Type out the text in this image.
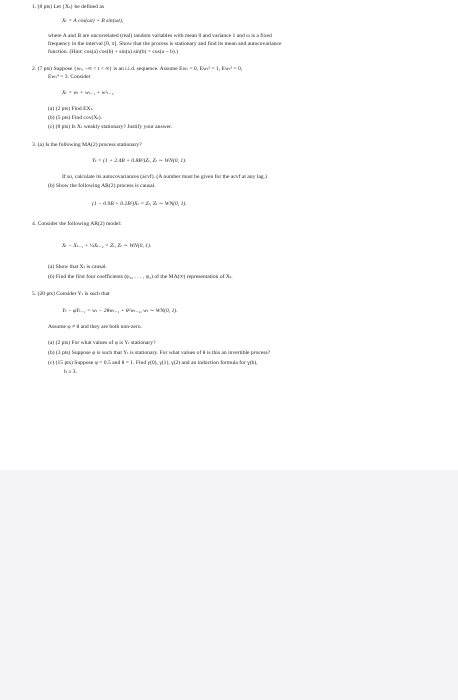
1. (8 pts) Let {Xₜ} be defined as
Xₜ = A cos(ωt) + B sin(ωt),
where A and B are uncorrelated (real) random variables with mean 0 and variance 1 and ω is a fixed
frequency in the interval [0, π]. Show that the process is stationary and find its mean and autocovariance
function. (Hint: cos(a) cos(b) + sin(a) sin(b) = cos(a − b).)
2. (7 pts) Suppose {wₜ, −∞ < t < ∞} is an i.i.d. sequence. Assume Ewₜ = 0, Ewₜ² = 1, Ewₜ³ = 0,
Ewₜ⁴ = 3. Consider
Xₜ = wₜ + wₜ₋₁ + w²ₜ₋₁.
(a) (2 pts) Find EXₜ.
(b) (5 pts) Find cov(Xₜ).
(c) (8 pts) Is Xₜ weakly stationary? Justify your answer.
3. (a) Is the following MA(2) process stationary?
Yₜ = (1 + 2.4B + 0.8B²)Zₜ, Zₜ ∼ WN(0, 1).
If so, calculate its autocovariances (acvf). (A number must be given for the acvf at any lag.)
(b) Show the following AR(2) process is causal.
(1 − 0.9B + 0.2B²)Xₜ = Zₜ, Zₜ ∼ WN(0, 1).
4. Consider the following AR(2) model:
Xₜ − Xₜ₋₁ + ¼Xₜ₋₂ = Zₜ, Zₜ ∼ WN(0, 1).
(a) Show that Xₜ is causal.
(b) Find the first four coefficients (ψ₀, . . . , ψ₃) of the MA(∞) representation of Xₜ.
5. (20 pts) Consider Yₜ is such that
Yₜ − φYₜ₋₁ = wₜ − 2θwₜ₋₁ + θ²wₜ₋₂, wₜ ∼ WN(0, 1).
Assume φ ≠ θ and they are both non-zero.
(a) (2 pts) For what values of φ is Yₜ stationary?
(b) (3 pts) Suppose φ is such that Yₜ is stationary. For what values of θ is this an invertible process?
(c) (15 pts) Suppose φ = 0.5 and θ = 1. Find γ(0), γ(1), γ(2) and an induction formula for γ(h),
h ≥ 3.
